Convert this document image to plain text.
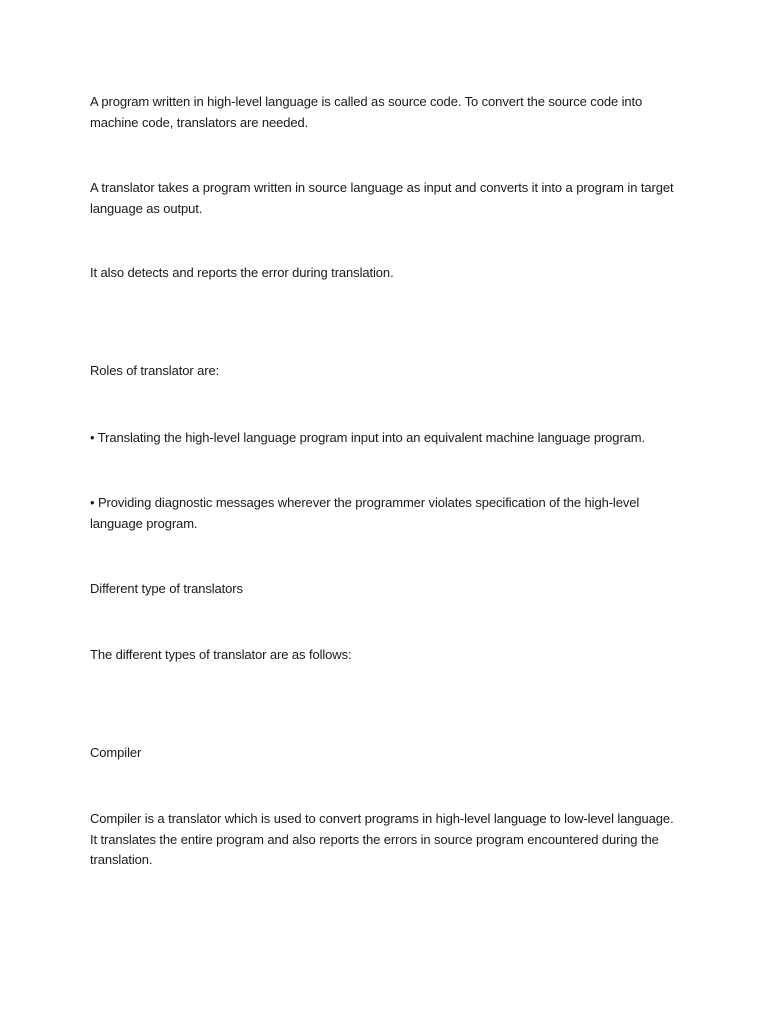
A program written in high-level language is called as source code. To convert the source code into
machine code, translators are needed.

A translator takes a program written in source language as input and converts it into a program in target
language as output.

It also detects and reports the error during translation.

Roles of translator are:

• Translating the high-level language program input into an equivalent machine language program.

• Providing diagnostic messages wherever the programmer violates specification of the high-level
language program.

Different type of translators

The different types of translator are as follows:

Compiler

Compiler is a translator which is used to convert programs in high-level language to low-level language.
It translates the entire program and also reports the errors in source program encountered during the
translation.
